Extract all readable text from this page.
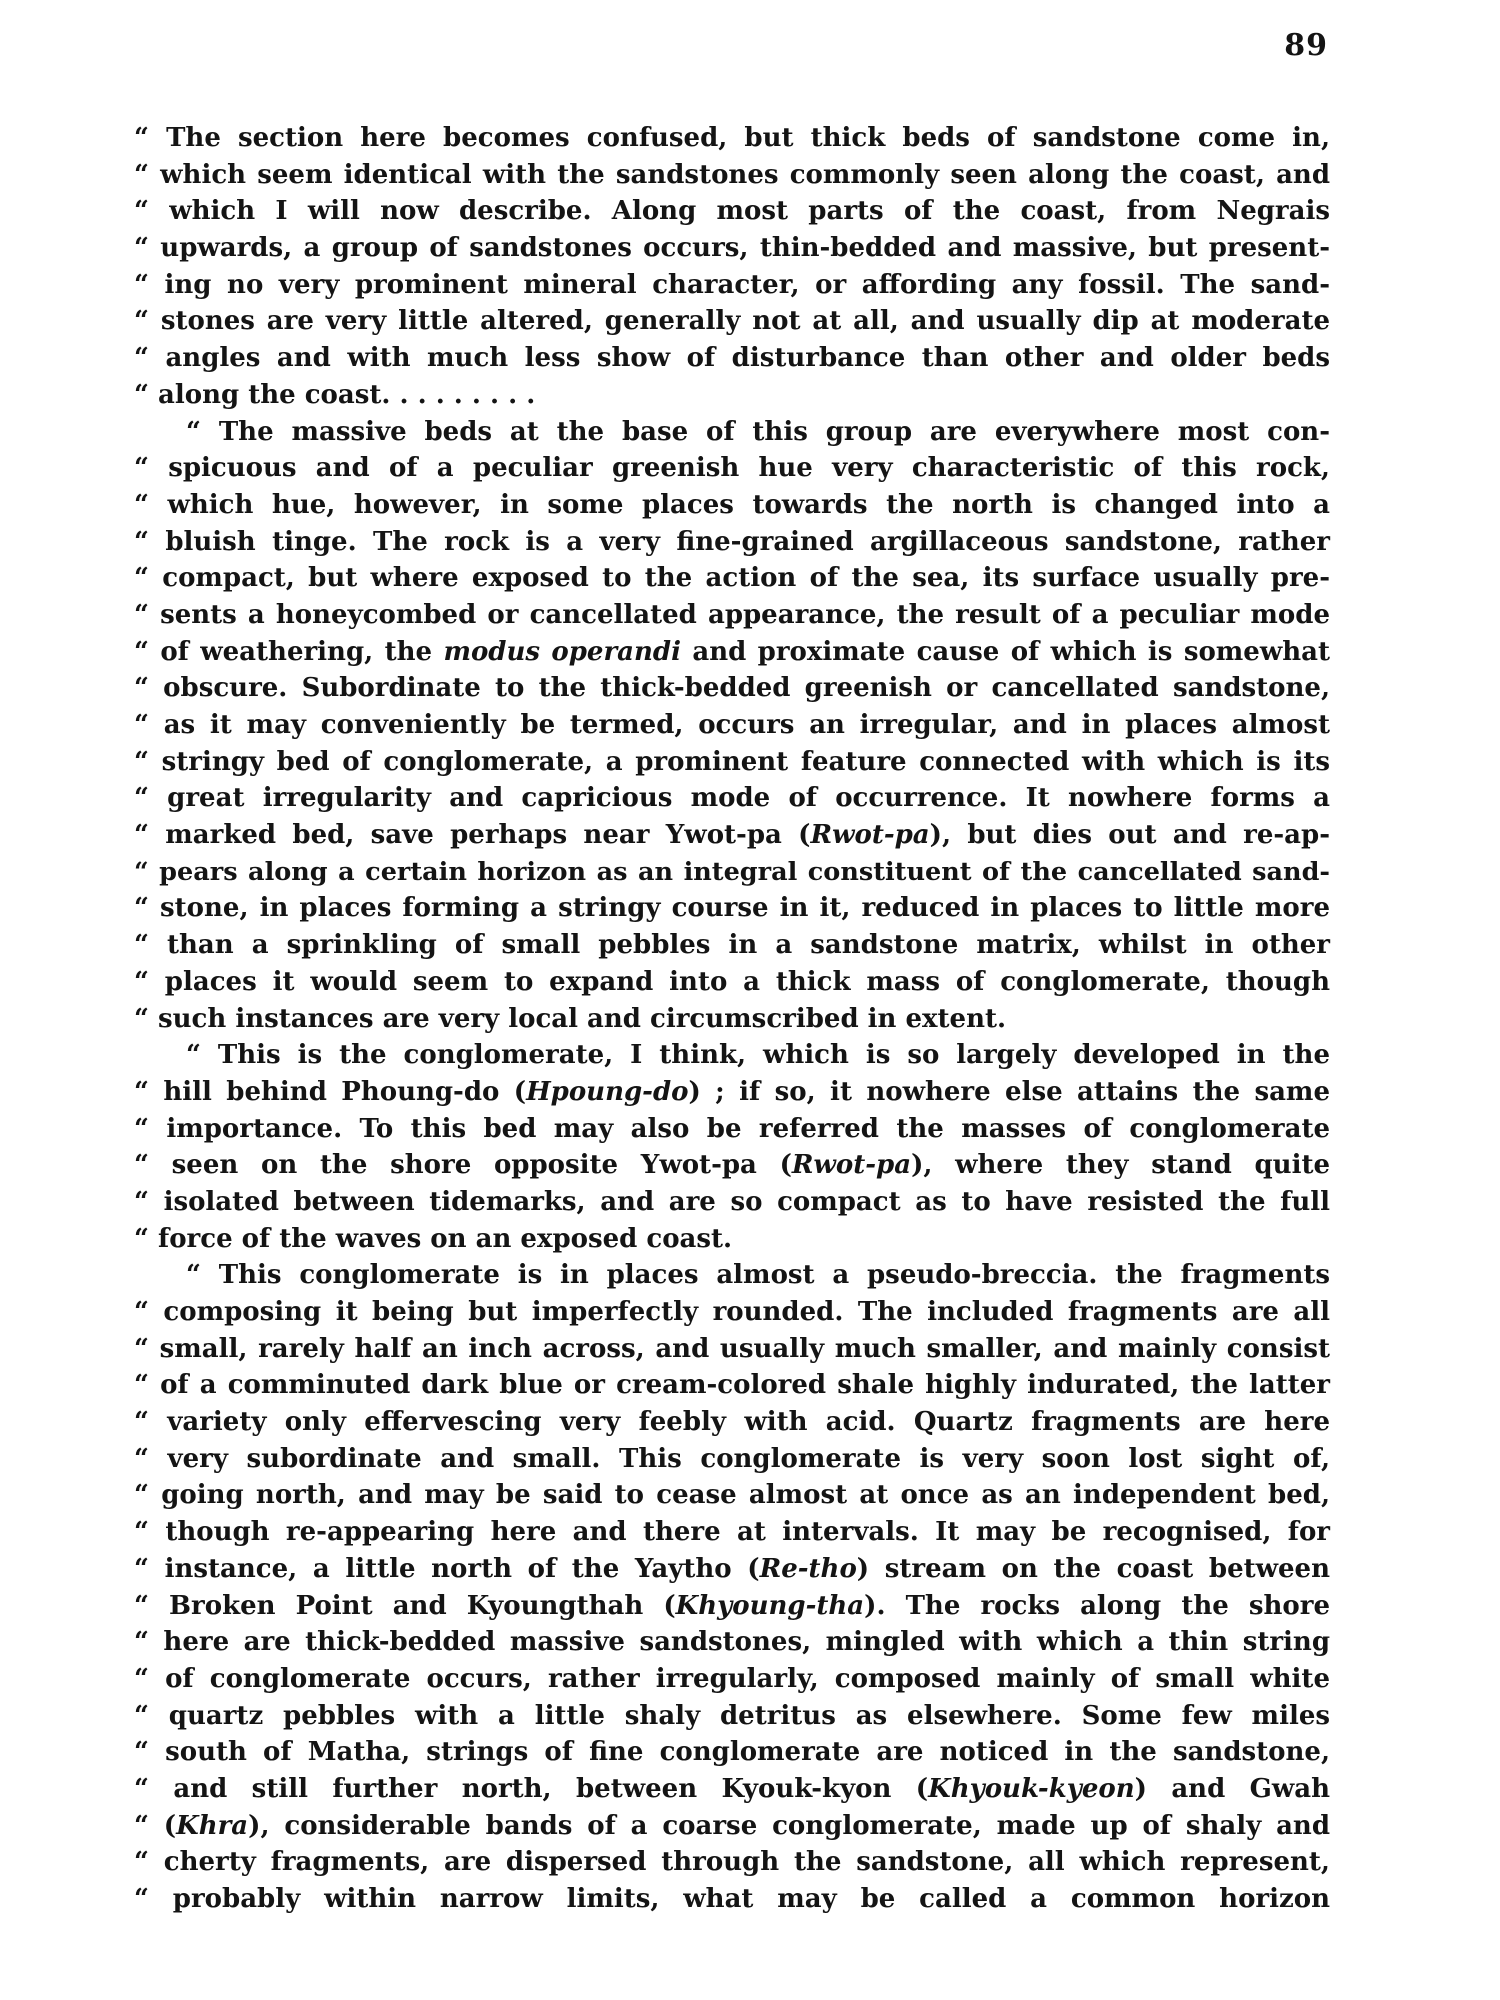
89
“ The section here becomes confused, but thick beds of sandstone come in,
“ which seem identical with the sandstones commonly seen along the coast, and
“ which I will now describe. Along most parts of the coast, from Negrais
“ upwards, a group of sandstones occurs, thin-bedded and massive, but present-
“ ing no very prominent mineral character, or affording any fossil. The sand-
“ stones are very little altered, generally not at all, and usually dip at moderate
“ angles and with much less show of disturbance than other and older beds
“ along the coast. . . . . . . . .
“ The massive beds at the base of this group are everywhere most con-
“ spicuous and of a peculiar greenish hue very characteristic of this rock,
“ which hue, however, in some places towards the north is changed into a
“ bluish tinge. The rock is a very fine-grained argillaceous sandstone, rather
“ compact, but where exposed to the action of the sea, its surface usually pre-
“ sents a honeycombed or cancellated appearance, the result of a peculiar mode
“ of weathering, the modus operandi and proximate cause of which is somewhat
“ obscure. Subordinate to the thick-bedded greenish or cancellated sandstone,
“ as it may conveniently be termed, occurs an irregular, and in places almost
“ stringy bed of conglomerate, a prominent feature connected with which is its
“ great irregularity and capricious mode of occurrence. It nowhere forms a
“ marked bed, save perhaps near Ywot-pa (Rwot-pa), but dies out and re-ap-
“ pears along a certain horizon as an integral constituent of the cancellated sand-
“ stone, in places forming a stringy course in it, reduced in places to little more
“ than a sprinkling of small pebbles in a sandstone matrix, whilst in other
“ places it would seem to expand into a thick mass of conglomerate, though
“ such instances are very local and circumscribed in extent.
“ This is the conglomerate, I think, which is so largely developed in the
“ hill behind Phoung-do (Hpoung-do) ; if so, it nowhere else attains the same
“ importance. To this bed may also be referred the masses of conglomerate
“ seen on the shore opposite Ywot-pa (Rwot-pa), where they stand quite
“ isolated between tidemarks, and are so compact as to have resisted the full
“ force of the waves on an exposed coast.
“ This conglomerate is in places almost a pseudo-breccia. the fragments
“ composing it being but imperfectly rounded. The included fragments are all
“ small, rarely half an inch across, and usually much smaller, and mainly consist
“ of a comminuted dark blue or cream-colored shale highly indurated, the latter
“ variety only effervescing very feebly with acid. Quartz fragments are here
“ very subordinate and small. This conglomerate is very soon lost sight of,
“ going north, and may be said to cease almost at once as an independent bed,
“ though re-appearing here and there at intervals. It may be recognised, for
“ instance, a little north of the Yaytho (Re-tho) stream on the coast between
“ Broken Point and Kyoungthah (Khyoung-tha). The rocks along the shore
“ here are thick-bedded massive sandstones, mingled with which a thin string
“ of conglomerate occurs, rather irregularly, composed mainly of small white
“ quartz pebbles with a little shaly detritus as elsewhere. Some few miles
“ south of Matha, strings of fine conglomerate are noticed in the sandstone,
“ and still further north, between Kyouk-kyon (Khyouk-kyeon) and Gwah
“ (Khra), considerable bands of a coarse conglomerate, made up of shaly and
“ cherty fragments, are dispersed through the sandstone, all which represent,
“ probably within narrow limits, what may be called a common horizon
